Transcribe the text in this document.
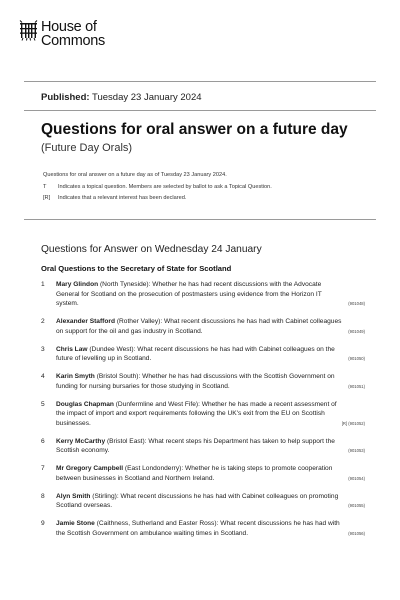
House of
Commons
Published: Tuesday 23 January 2024
Questions for oral answer on a future day
(Future Day Orals)
Questions for oral answer on a future day as of Tuesday 23 January 2024.
T	Indicates a topical question. Members are selected by ballot to ask a Topical Question.
[R]	Indicates that a relevant interest has been declared.
Questions for Answer on Wednesday 24 January
Oral Questions to the Secretary of State for Scotland
1	Mary Glindon (North Tyneside): Whether he has had recent discussions with the Advocate General for Scotland on the prosecution of postmasters using evidence from the Horizon IT system.	(901048)
2	Alexander Stafford (Rother Valley): What recent discussions he has had with Cabinet colleagues on support for the oil and gas industry in Scotland.	(901049)
3	Chris Law (Dundee West): What recent discussions he has had with Cabinet colleagues on the future of levelling up in Scotland.	(901050)
4	Karin Smyth (Bristol South): Whether he has had discussions with the Scottish Government on funding for nursing bursaries for those studying in Scotland.	(901051)
5	Douglas Chapman (Dunfermline and West Fife): Whether he has made a recent assessment of the impact of import and export requirements following the UK's exit from the EU on Scottish businesses.	[R] (901052)
6	Kerry McCarthy (Bristol East): What recent steps his Department has taken to help support the Scottish economy.	(901053)
7	Mr Gregory Campbell (East Londonderry): Whether he is taking steps to promote cooperation between businesses in Scotland and Northern Ireland.	(901054)
8	Alyn Smith (Stirling): What recent discussions he has had with Cabinet colleagues on promoting Scotland overseas.	(901055)
9	Jamie Stone (Caithness, Sutherland and Easter Ross): What recent discussions he has had with the Scottish Government on ambulance waiting times in Scotland.	(901056)
